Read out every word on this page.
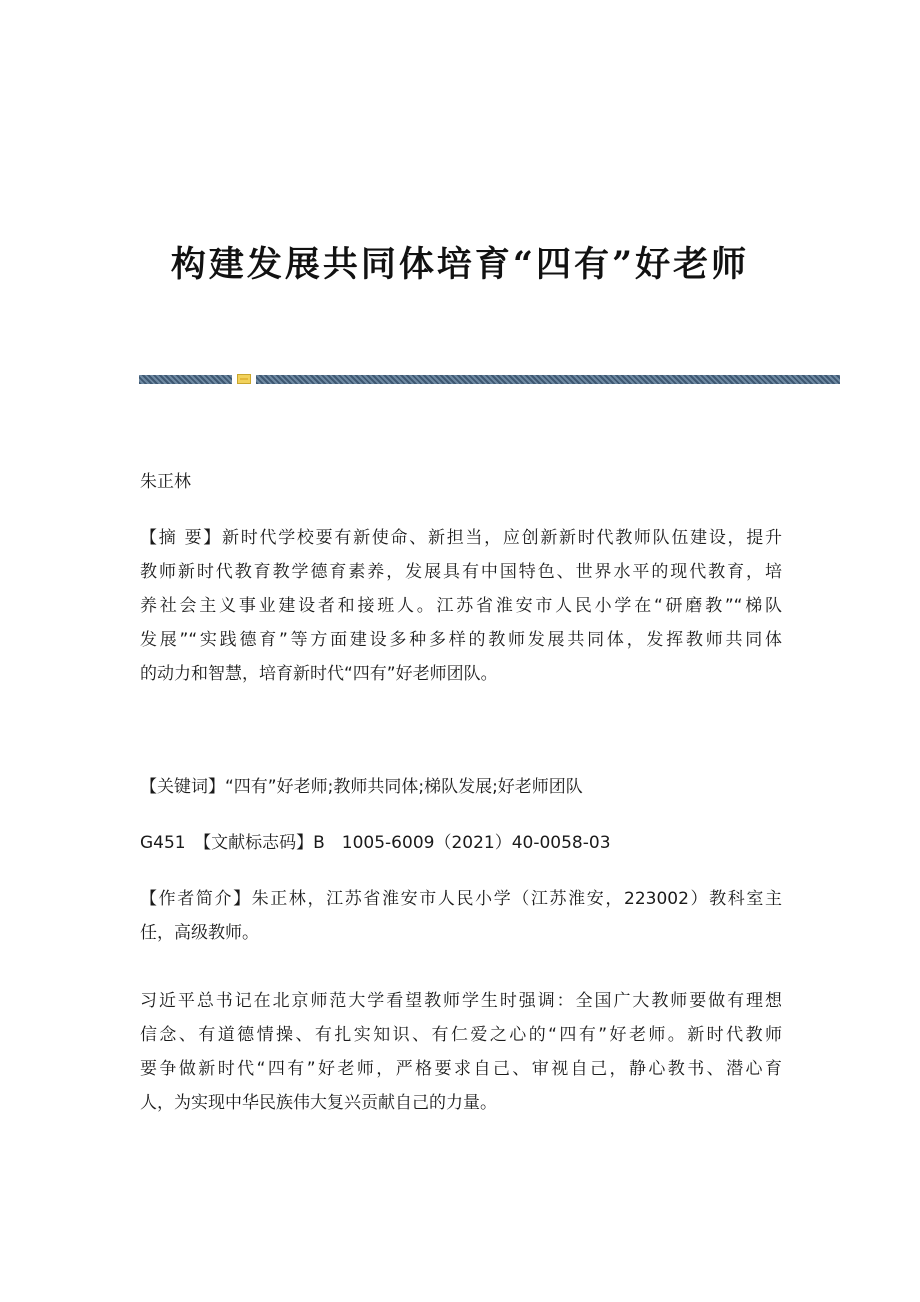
构建发展共同体培育“四有”好老师

朱正林

【摘 要】新时代学校要有新使命、新担当，应创新新时代教师队伍建设，提升

教师新时代教育教学德育素养，发展具有中国特色、世界水平的现代教育，培

养社会主义事业建设者和接班人。江苏省淮安市人民小学在“研磨教”“梯队

发展”“实践德育”等方面建设多种多样的教师发展共同体，发挥教师共同体

的动力和智慧，培育新时代“四有”好老师团队。

【关键词】“四有”好老师;教师共同体;梯队发展;好老师团队

G451　【文献标志码】B　1005-6009（2021）40-0058-03

【作者简介】朱正林，江苏省淮安市人民小学（江苏淮安，223002）教科室主

任，高级教师。

习近平总书记在北京师范大学看望教师学生时强调：全国广大教师要做有理想

信念、有道德情操、有扎实知识、有仁爱之心的“四有”好老师。新时代教师

要争做新时代“四有”好老师，严格要求自己、审视自己，静心教书、潜心育

人，为实现中华民族伟大复兴贡献自己的力量。
